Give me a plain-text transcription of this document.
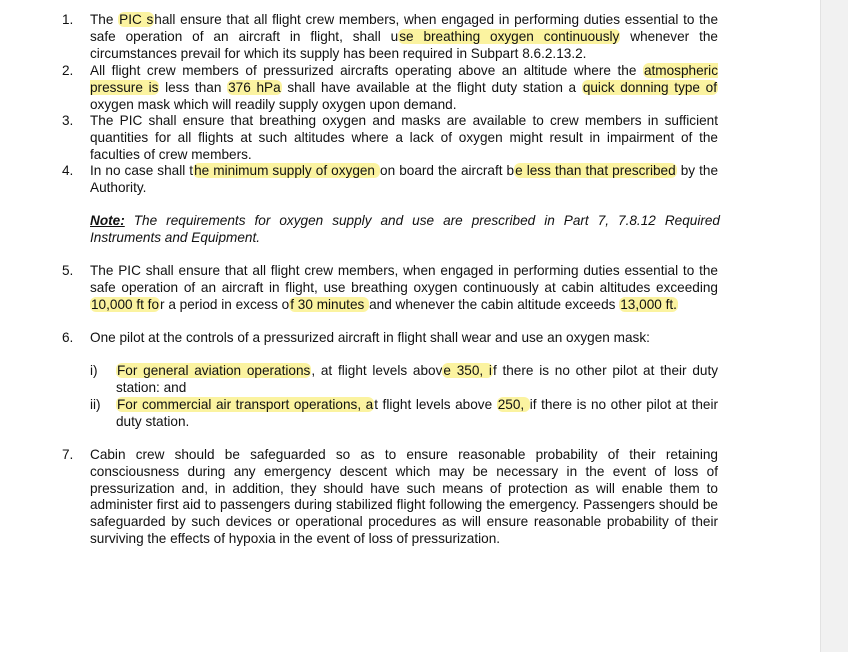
1.	The PIC shall ensure that all flight crew members, when engaged in performing duties essential to the safe operation of an aircraft in flight, shall use breathing oxygen continuously whenever the circumstances prevail for which its supply has been required in Subpart 8.6.2.13.2.
2.	All flight crew members of pressurized aircrafts operating above an altitude where the atmospheric pressure is less than 376 hPa shall have available at the flight duty station a quick donning type of oxygen mask which will readily supply oxygen upon demand.
3.	The PIC shall ensure that breathing oxygen and masks are available to crew members in sufficient quantities for all flights at such altitudes where a lack of oxygen might result in impairment of the faculties of crew members.
4.	In no case shall the minimum supply of oxygen on board the aircraft be less than that prescribed by the Authority.
Note: The requirements for oxygen supply and use are prescribed in Part 7, 7.8.12 Required Instruments and Equipment.
5.	The PIC shall ensure that all flight crew members, when engaged in performing duties essential to the safe operation of an aircraft in flight, use breathing oxygen continuously at cabin altitudes exceeding 10,000 ft for a period in excess of 30 minutes and whenever the cabin altitude exceeds 13,000 ft.
6.	One pilot at the controls of a pressurized aircraft in flight shall wear and use an oxygen mask:
i) For general aviation operations, at flight levels above 350, if there is no other pilot at their duty station: and
ii) For commercial air transport operations, at flight levels above 250, if there is no other pilot at their duty station.
7.	Cabin crew should be safeguarded so as to ensure reasonable probability of their retaining consciousness during any emergency descent which may be necessary in the event of loss of pressurization and, in addition, they should have such means of protection as will enable them to administer first aid to passengers during stabilized flight following the emergency. Passengers should be safeguarded by such devices or operational procedures as will ensure reasonable probability of their surviving the effects of hypoxia in the event of loss of pressurization.
